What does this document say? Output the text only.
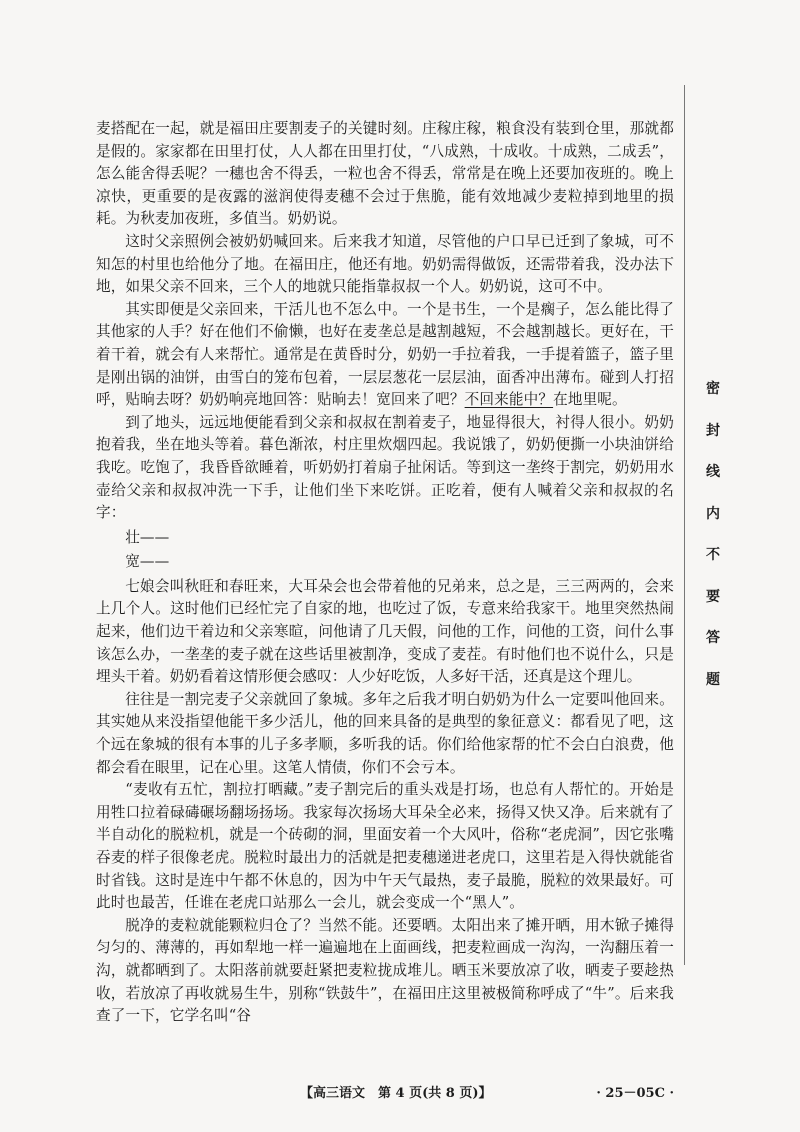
麦搭配在一起，就是福田庄要割麦子的关键时刻。庄稼庄稼，粮食没有装到仓里，那就都是假的。家家都在田里打仗，人人都在田里打仗，“八成熟，十成收。十成熟，二成丢”，怎么能舍得丢呢？一穗也舍不得丢，一粒也舍不得丢，常常是在晚上还要加夜班的。晚上凉快，更重要的是夜露的滋润使得麦穗不会过于焦脆，能有效地减少麦粒掉到地里的损耗。为秋麦加夜班，多值当。奶奶说。

这时父亲照例会被奶奶喊回来。后来我才知道，尽管他的户口早已迁到了象城，可不知怎的村里也给他分了地。在福田庄，他还有地。奶奶需得做饭，还需带着我，没办法下地，如果父亲不回来，三个人的地就只能指靠叔叔一个人。奶奶说，这可不中。

其实即便是父亲回来，干活儿也不怎么中。一个是书生，一个是瘸子，怎么能比得了其他家的人手？好在他们不偷懒，也好在麦垄总是越割越短，不会越割越长。更好在，干着干着，就会有人来帮忙。通常是在黄昏时分，奶奶一手拉着我，一手提着篮子，篮子里是刚出锅的油饼，由雪白的笼布包着，一层层葱花一层层油，面香冲出薄布。碰到人打招呼，贴晌去呀？奶奶响亮地回答：贴晌去！宽回来了吧？不回来能中？在地里呢。

到了地头，远远地便能看到父亲和叔叔在割着麦子，地显得很大，衬得人很小。奶奶抱着我，坐在地头等着。暮色渐浓，村庄里炊烟四起。我说饿了，奶奶便撕一小块油饼给我吃。吃饱了，我昏昏欲睡着，听奶奶打着扇子扯闲话。等到这一垄终于割完，奶奶用水壶给父亲和叔叔冲洗一下手，让他们坐下来吃饼。正吃着，便有人喊着父亲和叔叔的名字：

壮——

宽——

七娘会叫秋旺和春旺来，大耳朵会也会带着他的兄弟来，总之是，三三两两的，会来上几个人。这时他们已经忙完了自家的地，也吃过了饭，专意来给我家干。地里突然热闹起来，他们边干着边和父亲寒暄，问他请了几天假，问他的工作，问他的工资，问什么事该怎么办，一垄垄的麦子就在这些话里被割净，变成了麦茬。有时他们也不说什么，只是埋头干着。奶奶看着这情形便会感叹：人少好吃饭，人多好干活，还真是这个理儿。

往往是一割完麦子父亲就回了象城。多年之后我才明白奶奶为什么一定要叫他回来。其实她从来没指望他能干多少活儿，他的回来具备的是典型的象征意义：都看见了吧，这个远在象城的很有本事的儿子多孝顺，多听我的话。你们给他家帮的忙不会白白浪费，他都会看在眼里，记在心里。这笔人情债，你们不会亏本。

“麦收有五忙，割拉打晒藏。”麦子割完后的重头戏是打场，也总有人帮忙的。开始是用牲口拉着碌碡碾场翻场扬场。我家每次扬场大耳朵全必来，扬得又快又净。后来就有了半自动化的脱粒机，就是一个砖砌的洞，里面安着一个大风叶，俗称“老虎洞”，因它张嘴吞麦的样子很像老虎。脱粒时最出力的活就是把麦穗递进老虎口，这里若是入得快就能省时省钱。这时是连中午都不休息的，因为中午天气最热，麦子最脆，脱粒的效果最好。可此时也最苦，任谁在老虎口站那么一会儿，就会变成一个“黑人”。

脱净的麦粒就能颗粒归仓了？当然不能。还要晒。太阳出来了摊开晒，用木锨子摊得匀匀的、薄薄的，再如犁地一样一遍遍地在上面画线，把麦粒画成一沟沟，一沟翻压着一沟，就都晒到了。太阳落前就要赶紧把麦粒拢成堆儿。晒玉米要放凉了收，晒麦子要趁热收，若放凉了再收就易生牛，别称“铁鼓牛”，在福田庄这里被极简称呼成了“牛”。后来我查了一下，它学名叫“谷

【高三语文　第 4 页(共 8 页)】	· 25－05C ·
密
封
线
内
不
要
答
题
